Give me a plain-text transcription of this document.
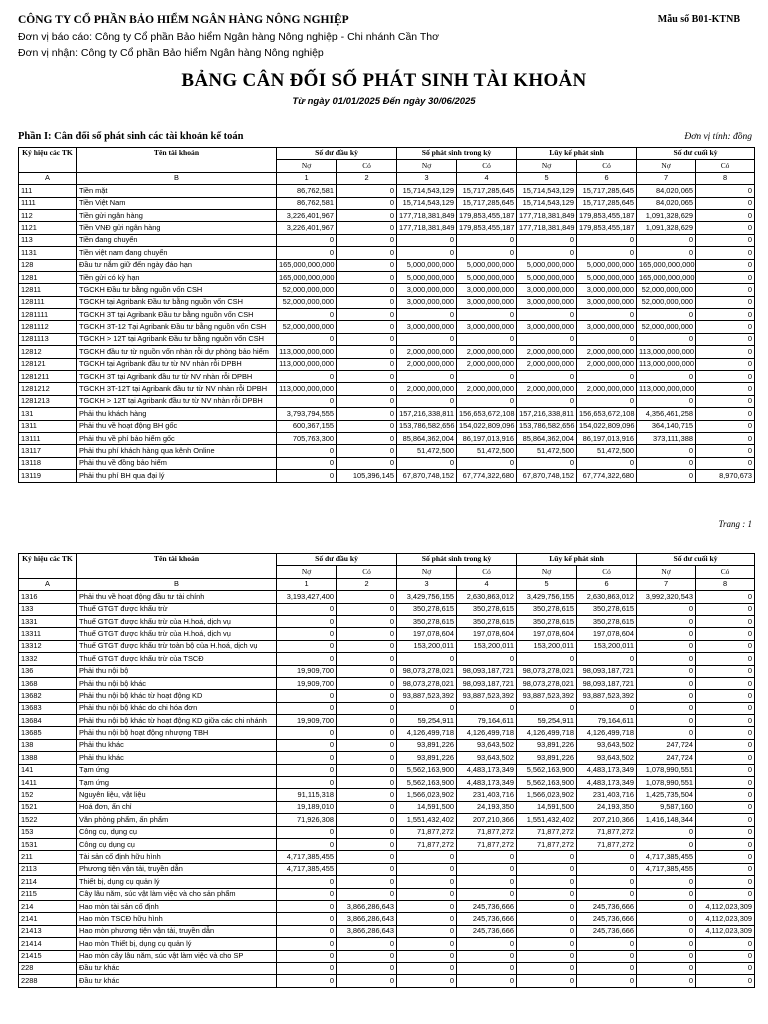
CÔNG TY CỔ PHẦN BẢO HIỂM NGÂN HÀNG NÔNG NGHIỆP	Mẫu số B01-KTNB
Đơn vị báo cáo: Công ty Cổ phần Bảo hiểm Ngân hàng Nông nghiệp - Chi nhánh Cần Thơ
Đơn vị nhận: Công ty Cổ phần Bảo hiểm Ngân hàng Nông nghiệp
BẢNG CÂN ĐỐI SỐ PHÁT SINH TÀI KHOẢN
Từ ngày 01/01/2025 Đến ngày 30/06/2025
Phần I: Cân đối số phát sinh các tài khoản kế toán	Đơn vị tính: đồng
Ký hiệu các TK	Tên tài khoản	Số dư đầu kỳ		Số phát sinh trong kỳ		Lũy kế phát sinh		Số dư cuối kỳ	
		Nợ	Có	Nợ	Có	Nợ	Có	Nợ	Có
A	B	1	2	3	4	5	6	7	8
111	Tiền mặt	86,762,581	0	15,714,543,129	15,717,285,645	15,714,543,129	15,717,285,645	84,020,065	0
1111	Tiền Việt Nam	86,762,581	0	15,714,543,129	15,717,285,645	15,714,543,129	15,717,285,645	84,020,065	0
112	Tiền gửi ngân hàng	3,226,401,967	0	177,718,381,849	179,853,455,187	177,718,381,849	179,853,455,187	1,091,328,629	0
1121	Tiền VNĐ gửi ngân hàng	3,226,401,967	0	177,718,381,849	179,853,455,187	177,718,381,849	179,853,455,187	1,091,328,629	0
113	Tiền đang chuyển	0	0	0	0	0	0	0	0
1131	Tiền việt nam đang chuyển	0	0	0	0	0	0	0	0
128	Đầu tư nắm giữ đến ngày đáo hạn	165,000,000,000	0	5,000,000,000	5,000,000,000	5,000,000,000	5,000,000,000	165,000,000,000	0
1281	Tiền gửi có kỳ hạn	165,000,000,000	0	5,000,000,000	5,000,000,000	5,000,000,000	5,000,000,000	165,000,000,000	0
12811	TGCKH Đầu tư bằng nguồn vốn CSH	52,000,000,000	0	3,000,000,000	3,000,000,000	3,000,000,000	3,000,000,000	52,000,000,000	0
128111	TGCKH tại Agribank Đầu tư bằng nguồn vốn CSH	52,000,000,000	0	3,000,000,000	3,000,000,000	3,000,000,000	3,000,000,000	52,000,000,000	0
1281111	TGCKH 3T tại Agribank Đầu tư bằng nguồn vốn CSH	0	0	0	0	0	0	0	0
1281112	TGCKH 3T-12 Tại Agribank Đầu tư bằng nguồn vốn CSH	52,000,000,000	0	3,000,000,000	3,000,000,000	3,000,000,000	3,000,000,000	52,000,000,000	0
1281113	TGCKH > 12T tại Agribank Đầu tư bằng nguồn vốn CSH	0	0	0	0	0	0	0	0
12812	TGCKH đầu tư từ nguồn vốn nhàn rỗi dự phòng bảo hiểm	113,000,000,000	0	2,000,000,000	2,000,000,000	2,000,000,000	2,000,000,000	113,000,000,000	0
128121	TGCKH tại Agribank đầu tư từ NV nhàn rỗi DPBH	113,000,000,000	0	2,000,000,000	2,000,000,000	2,000,000,000	2,000,000,000	113,000,000,000	0
1281211	TGCKH 3T tại Agribank đầu tư từ NV nhàn rỗi DPBH	0	0	0	0	0	0	0	0
1281212	TGCKH 3T-12T tại Agribank đầu tư từ NV nhàn rỗi DPBH	113,000,000,000	0	2,000,000,000	2,000,000,000	2,000,000,000	2,000,000,000	113,000,000,000	0
1281213	TGCKH > 12T tại Agribank đầu tư từ NV nhàn rỗi DPBH	0	0	0	0	0	0	0	0
131	Phải thu khách hàng	3,793,794,555	0	157,216,338,811	156,653,672,108	157,216,338,811	156,653,672,108	4,356,461,258	0
1311	Phải thu về hoạt động BH gốc	600,367,155	0	153,786,582,656	154,022,809,096	153,786,582,656	154,022,809,096	364,140,715	0
13111	Phải thu về phí bảo hiểm gốc	705,763,300	0	85,864,362,004	86,197,013,916	85,864,362,004	86,197,013,916	373,111,388	0
13117	Phải thu phí khách hàng qua kênh Online	0	0	51,472,500	51,472,500	51,472,500	51,472,500	0	0
13118	Phải thu về đồng bảo hiểm	0	0	0	0	0	0	0	0
13119	Phải thu phí BH qua đại lý	0	105,396,145	67,870,748,152	67,774,322,680	67,870,748,152	67,774,322,680	0	8,970,673
Trang : 1
Ký hiệu các TK	Tên tài khoản	Số dư đầu kỳ		Số phát sinh trong kỳ		Lũy kế phát sinh		Số dư cuối kỳ	
		Nợ	Có	Nợ	Có	Nợ	Có	Nợ	Có
A	B	1	2	3	4	5	6	7	8
1316	Phải thu về hoạt động đầu tư tài chính	3,193,427,400	0	3,429,756,155	2,630,863,012	3,429,756,155	2,630,863,012	3,992,320,543	0
133	Thuế GTGT được khấu trừ	0	0	350,278,615	350,278,615	350,278,615	350,278,615	0	0
1331	Thuế GTGT được khấu trừ của H.hoá, dịch vụ	0	0	350,278,615	350,278,615	350,278,615	350,278,615	0	0
13311	Thuế GTGT được khấu trừ của H.hoá, dịch vụ	0	0	197,078,604	197,078,604	197,078,604	197,078,604	0	0
13312	Thuế GTGT được khấu trừ toàn bộ của H.hoá, dịch vụ	0	0	153,200,011	153,200,011	153,200,011	153,200,011	0	0
1332	Thuế GTGT được khấu trừ của TSCĐ	0	0	0	0	0	0	0	0
136	Phải thu nội bộ	19,909,700	0	98,073,278,021	98,093,187,721	98,073,278,021	98,093,187,721	0	0
1368	Phải thu nội bộ khác	19,909,700	0	98,073,278,021	98,093,187,721	98,073,278,021	98,093,187,721	0	0
13682	Phải thu nội bộ khác từ hoạt động KD	0	0	93,887,523,392	93,887,523,392	93,887,523,392	93,887,523,392	0	0
13683	Phải thu nội bộ khác do chi hóa đơn	0	0	0	0	0	0	0	0
13684	Phải thu nội bộ khác từ hoạt động KD giữa các chi nhánh	19,909,700	0	59,254,911	79,164,611	59,254,911	79,164,611	0	0
13685	Phải thu nội bộ hoạt động nhượng TBH	0	0	4,126,499,718	4,126,499,718	4,126,499,718	4,126,499,718	0	0
138	Phải thu khác	0	0	93,891,226	93,643,502	93,891,226	93,643,502	247,724	0
1388	Phải thu khác	0	0	93,891,226	93,643,502	93,891,226	93,643,502	247,724	0
141	Tạm ứng	0	0	5,562,163,900	4,483,173,349	5,562,163,900	4,483,173,349	1,078,990,551	0
1411	Tạm ứng	0	0	5,562,163,900	4,483,173,349	5,562,163,900	4,483,173,349	1,078,990,551	0
152	Nguyên liệu, vật liệu	91,115,318	0	1,566,023,902	231,403,716	1,566,023,902	231,403,716	1,425,735,504	0
1521	Hoá đơn, ấn chỉ	19,189,010	0	14,591,500	24,193,350	14,591,500	24,193,350	9,587,160	0
1522	Văn phòng phẩm, ấn phẩm	71,926,308	0	1,551,432,402	207,210,366	1,551,432,402	207,210,366	1,416,148,344	0
153	Công cụ, dụng cụ	0	0	71,877,272	71,877,272	71,877,272	71,877,272	0	0
1531	Công cụ dụng cụ	0	0	71,877,272	71,877,272	71,877,272	71,877,272	0	0
211	Tài sản cố định hữu hình	4,717,385,455	0	0	0	0	0	4,717,385,455	0
2113	Phương tiện vận tải, truyền dẫn	4,717,385,455	0	0	0	0	0	4,717,385,455	0
2114	Thiết bị, dụng cụ quản lý	0	0	0	0	0	0	0	0
2115	Cây lâu năm, súc vật làm việc và cho sản phẩm	0	0	0	0	0	0	0	0
214	Hao mòn tài sản cố định	0	3,866,286,643	0	245,736,666	0	245,736,666	0	4,112,023,309
2141	Hao mòn TSCĐ hữu hình	0	3,866,286,643	0	245,736,666	0	245,736,666	0	4,112,023,309
21413	Hao mòn phương tiện vận tải, truyền dẫn	0	3,866,286,643	0	245,736,666	0	245,736,666	0	4,112,023,309
21414	Hao mòn Thiết bị, dụng cụ quản lý	0	0	0	0	0	0	0	0
21415	Hao mòn cây lâu năm, súc vật làm việc và cho SP	0	0	0	0	0	0	0	0
228	Đầu tư khác	0	0	0	0	0	0	0	0
2288	Đầu tư khác	0	0	0	0	0	0	0	0
